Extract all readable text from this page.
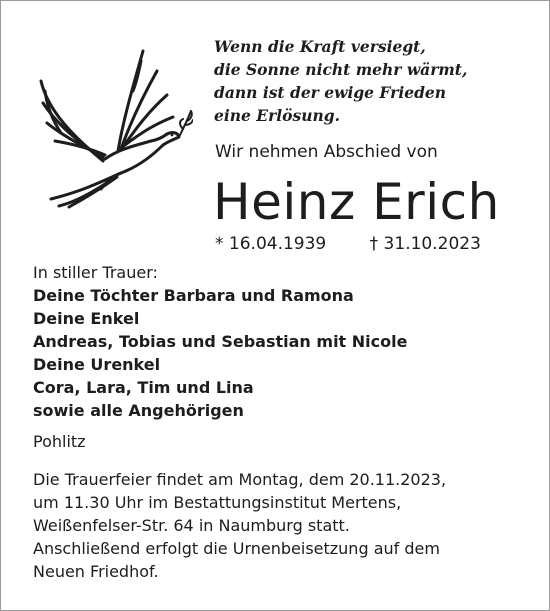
Wenn die Kraft versiegt,
die Sonne nicht mehr wärmt,
dann ist der ewige Frieden
eine Erlösung.

Wir nehmen Abschied von
Heinz Erich
* 16.04.1939	† 31.10.2023
In stiller Trauer:
Deine Töchter Barbara und Ramona
Deine Enkel
Andreas, Tobias und Sebastian mit Nicole
Deine Urenkel
Cora, Lara, Tim und Lina
sowie alle Angehörigen
Pohlitz
Die Trauerfeier findet am Montag, dem 20.11.2023,
um 11.30 Uhr im Bestattungsinstitut Mertens,
Weißenfelser-Str. 64 in Naumburg statt.
Anschließend erfolgt die Urnenbeisetzung auf dem
Neuen Friedhof.
